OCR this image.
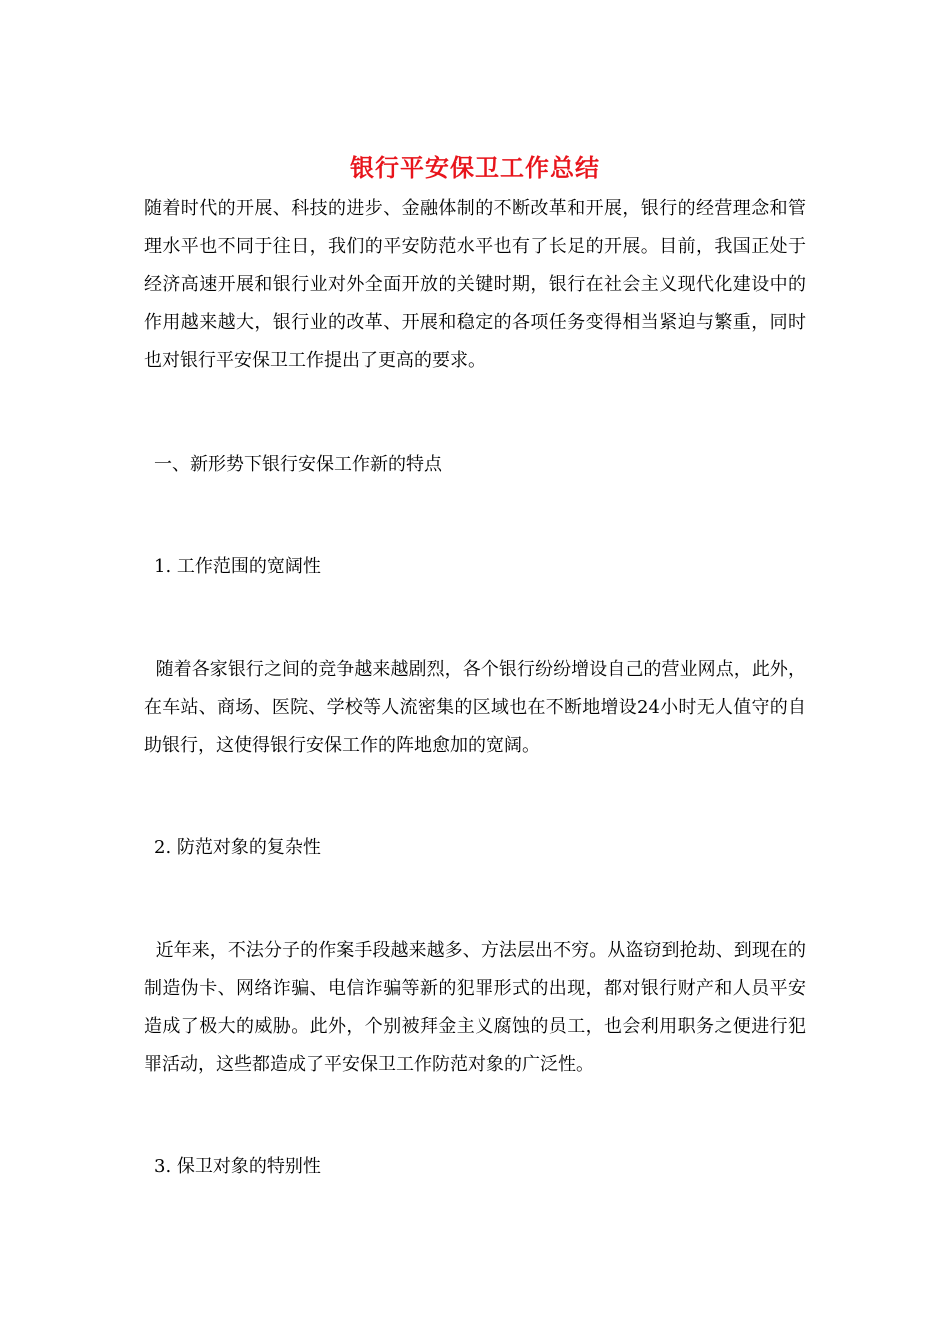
银行平安保卫工作总结
随着时代的开展、科技的进步、金融体制的不断改革和开展，银行的经营理念和管理水平也不同于往日，我们的平安防范水平也有了长足的开展。目前，我国正处于经济高速开展和银行业对外全面开放的关键时期，银行在社会主义现代化建设中的作用越来越大，银行业的改革、开展和稳定的各项任务变得相当紧迫与繁重，同时也对银行平安保卫工作提出了更高的要求。
一、新形势下银行安保工作新的特点
1. 工作范围的宽阔性
随着各家银行之间的竞争越来越剧烈，各个银行纷纷增设自己的营业网点，此外，在车站、商场、医院、学校等人流密集的区域也在不断地增设24小时无人值守的自助银行，这使得银行安保工作的阵地愈加的宽阔。
2. 防范对象的复杂性
近年来，不法分子的作案手段越来越多、方法层出不穷。从盗窃到抢劫、到现在的制造伪卡、网络诈骗、电信诈骗等新的犯罪形式的出现，都对银行财产和人员平安造成了极大的威胁。此外，个别被拜金主义腐蚀的员工，也会利用职务之便进行犯罪活动，这些都造成了平安保卫工作防范对象的广泛性。
3. 保卫对象的特别性
